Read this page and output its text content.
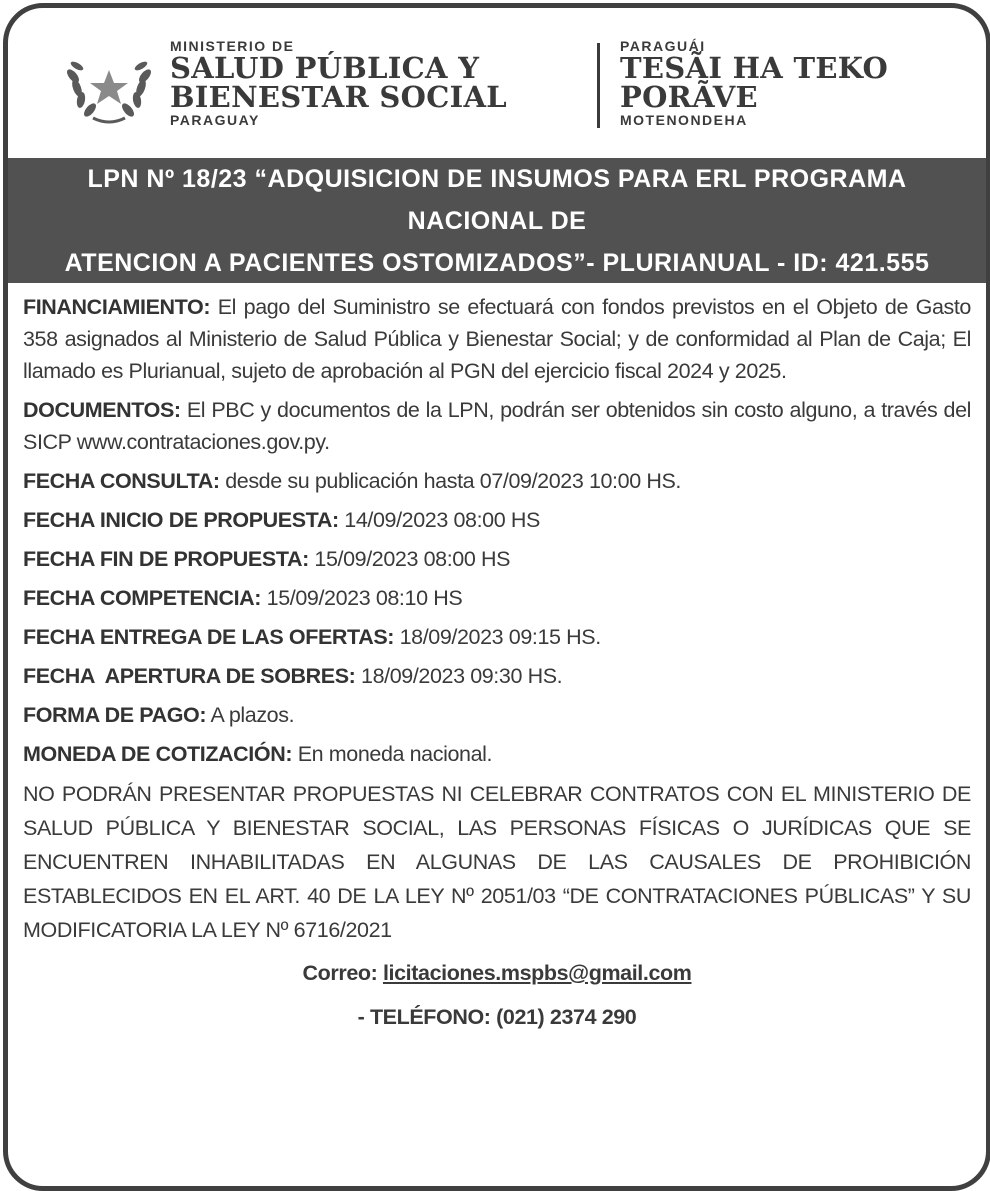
MINISTERIO DE
SALUD PÚBLICA Y
BIENESTAR SOCIAL
PARAGUAY
PARAGUÁI
TESÃI HA TEKO
PORÃVE
MOTENONDEHA
LPN Nº 18/23 “ADQUISICION DE INSUMOS PARA ERL PROGRAMA NACIONAL DE
ATENCION A PACIENTES OSTOMIZADOS”- PLURIANUAL - ID: 421.555

FINANCIAMIENTO: El pago del Suministro se efectuará con fondos previstos en el Objeto de Gasto 358 asignados al Ministerio de Salud Pública y Bienestar Social; y de conformidad al Plan de Caja; El llamado es Plurianual, sujeto de aprobación al PGN del ejercicio fiscal 2024 y 2025.

DOCUMENTOS: El PBC y documentos de la LPN, podrán ser obtenidos sin costo alguno, a través del SICP www.contrataciones.gov.py.

FECHA CONSULTA: desde su publicación hasta 07/09/2023 10:00 HS.

FECHA INICIO DE PROPUESTA: 14/09/2023 08:00 HS

FECHA FIN DE PROPUESTA: 15/09/2023 08:00 HS

FECHA COMPETENCIA: 15/09/2023 08:10 HS

FECHA ENTREGA DE LAS OFERTAS: 18/09/2023 09:15 HS.

FECHA  APERTURA DE SOBRES: 18/09/2023 09:30 HS.

FORMA DE PAGO: A plazos.

MONEDA DE COTIZACIÓN: En moneda nacional.

NO PODRÁN PRESENTAR PROPUESTAS NI CELEBRAR CONTRATOS CON EL MINISTERIO DE SALUD PÚBLICA Y BIENESTAR SOCIAL, LAS PERSONAS FÍSICAS O JURÍDICAS QUE SE ENCUENTREN INHABILITADAS EN ALGUNAS DE LAS CAUSALES DE PROHIBICIÓN ESTABLECIDOS EN EL ART. 40 DE LA LEY Nº 2051/03 “DE CONTRATACIONES PÚBLICAS” Y SU MODIFICATORIA LA LEY Nº 6716/2021

Correo: licitaciones.mspbs@gmail.com

- TELÉFONO: (021) 2374 290
